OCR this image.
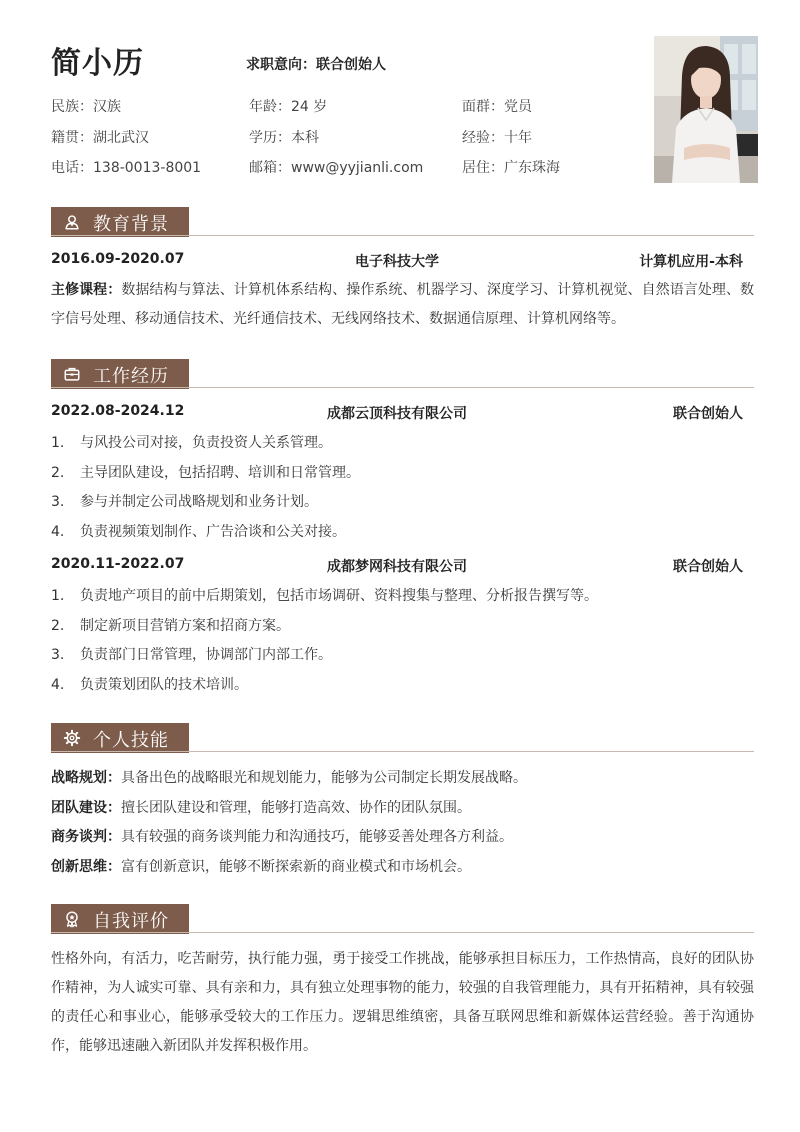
简小历	求职意向：联合创始人
民族：汉族	年龄：24 岁	面群：党员
籍贯：湖北武汉	学历：本科	经验：十年
电话：138-0013-8001	邮箱：www@yyjianli.com	居住：广东珠海
教育背景
2016.09-2020.07	电子科技大学	计算机应用-本科
主修课程：数据结构与算法、计算机体系结构、操作系统、机器学习、深度学习、计算机视觉、自然语言处理、数字信号处理、移动通信技术、光纤通信技术、无线网络技术、数据通信原理、计算机网络等。
工作经历
2022.08-2024.12	成都云顶科技有限公司	联合创始人
1. 与风投公司对接，负责投资人关系管理。
2. 主导团队建设，包括招聘、培训和日常管理。
3. 参与并制定公司战略规划和业务计划。
4. 负责视频策划制作、广告洽谈和公关对接。
2020.11-2022.07	成都梦网科技有限公司	联合创始人
1. 负责地产项目的前中后期策划，包括市场调研、资料搜集与整理、分析报告撰写等。
2. 制定新项目营销方案和招商方案。
3. 负责部门日常管理，协调部门内部工作。
4. 负责策划团队的技术培训。
个人技能
战略规划：具备出色的战略眼光和规划能力，能够为公司制定长期发展战略。
团队建设：擅长团队建设和管理，能够打造高效、协作的团队氛围。
商务谈判：具有较强的商务谈判能力和沟通技巧，能够妥善处理各方利益。
创新思维：富有创新意识，能够不断探索新的商业模式和市场机会。
自我评价
性格外向，有活力，吃苦耐劳，执行能力强，勇于接受工作挑战，能够承担目标压力，工作热情高，良好的团队协作精神，为人诚实可靠、具有亲和力，具有独立处理事物的能力，较强的自我管理能力，具有开拓精神，具有较强的责任心和事业心，能够承受较大的工作压力。逻辑思维缜密，具备互联网思维和新媒体运营经验。善于沟通协作，能够迅速融入新团队并发挥积极作用。
